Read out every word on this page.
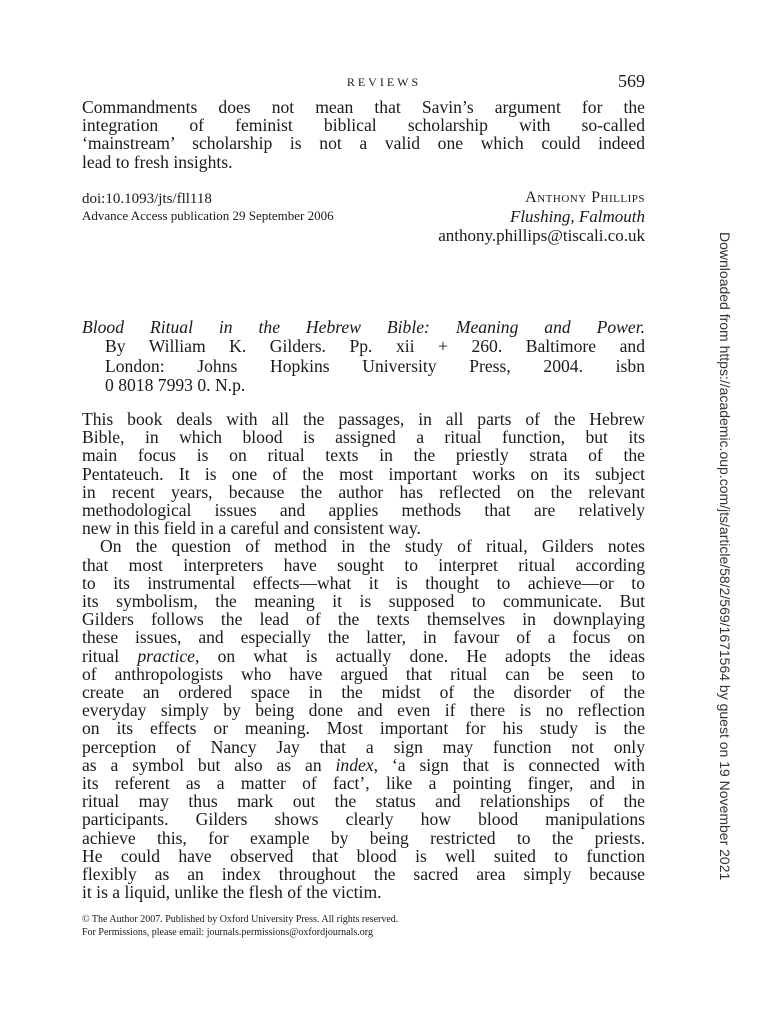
REVIEWS	569
Commandments does not mean that Savin’s argument for the
integration of feminist biblical scholarship with so-called
‘mainstream’ scholarship is not a valid one which could indeed
lead to fresh insights.
doi:10.1093/jts/fll118
Advance Access publication 29 September 2006
Anthony Phillips
Flushing, Falmouth
anthony.phillips@tiscali.co.uk
Blood Ritual in the Hebrew Bible: Meaning and Power.
By William K. Gilders. Pp. xii + 260. Baltimore and
London: Johns Hopkins University Press, 2004. isbn
0 8018 7993 0. N.p.
This book deals with all the passages, in all parts of the Hebrew
Bible, in which blood is assigned a ritual function, but its
main focus is on ritual texts in the priestly strata of the
Pentateuch. It is one of the most important works on its subject
in recent years, because the author has reflected on the relevant
methodological issues and applies methods that are relatively
new in this field in a careful and consistent way.
On the question of method in the study of ritual, Gilders notes
that most interpreters have sought to interpret ritual according
to its instrumental effects—what it is thought to achieve—or to
its symbolism, the meaning it is supposed to communicate. But
Gilders follows the lead of the texts themselves in downplaying
these issues, and especially the latter, in favour of a focus on
ritual practice, on what is actually done. He adopts the ideas
of anthropologists who have argued that ritual can be seen to
create an ordered space in the midst of the disorder of the
everyday simply by being done and even if there is no reflection
on its effects or meaning. Most important for his study is the
perception of Nancy Jay that a sign may function not only
as a symbol but also as an index, ‘a sign that is connected with
its referent as a matter of fact’, like a pointing finger, and in
ritual may thus mark out the status and relationships of the
participants. Gilders shows clearly how blood manipulations
achieve this, for example by being restricted to the priests.
He could have observed that blood is well suited to function
flexibly as an index throughout the sacred area simply because
it is a liquid, unlike the flesh of the victim.
© The Author 2007. Published by Oxford University Press. All rights reserved.
For Permissions, please email: journals.permissions@oxfordjournals.org
Downloaded from https://academic.oup.com/jts/article/58/2/569/1671564 by guest on 19 November 2021
